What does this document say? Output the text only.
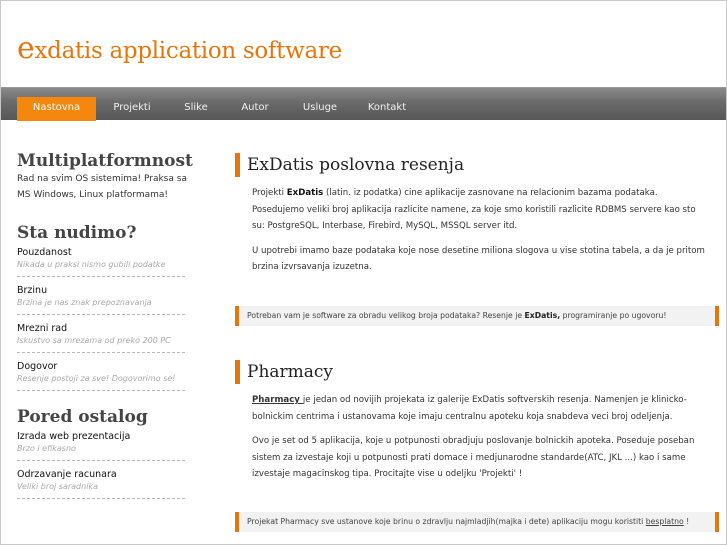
exdatis application software
Nastovna	Projekti	Slike	Autor	Usluge	Kontakt
Multiplatformnost

Rad na svim OS sistemima! Praksa sa MS Windows, Linux platformama!

Sta nudimo?
Pouzdanost
Nikada u praksi nismo gubili podatke
Brzinu
Brzina je nas znak prepoznavanja
Mrezni rad
Iskustvo sa mrezama od preko 200 PC
Dogovor
Resenje postoji za sve! Dogovorimo se!
Pored ostalog
Izrada web prezentacija
Brzo i efikasno
Odrzavanje racunara
Veliki broj saradnika
ExDatis poslovna resenja

Projekti ExDatis (latin. iz podatka) cine aplikacije zasnovane na relacionim bazama podataka. Posedujemo veliki broj aplikacija razlicite namene, za koje smo koristili razlicite RDBMS servere kao sto su: PostgreSQL, Interbase, Firebird, MySQL, MSSQL server itd.

U upotrebi imamo baze podataka koje nose desetine miliona slogova u vise stotina tabela, a da je pritom brzina izvrsavanja izuzetna.

Potreban vam je software za obradu velikog broja podataka? Resenje je ExDatis, programiranje po ugovoru!
Pharmacy

Pharmacy je jedan od novijih projekata iz galerije ExDatis softverskih resenja. Namenjen je klinicko-bolnickim centrima i ustanovama koje imaju centralnu apoteku koja snabdeva veci broj odeljenja.

Ovo je set od 5 aplikacija, koje u potpunosti obradjuju poslovanje bolnickih apoteka. Poseduje poseban sistem za izvestaje koji u potpunosti prati domace i medjunarodne standarde(ATC, JKL ...) kao i same izvestaje magacinskog tipa. Procitajte vise u odeljku 'Projekti' !

Projekat Pharmacy sve ustanove koje brinu o zdravlju najmladjih(majka i dete) aplikaciju mogu koristiti besplatno !
